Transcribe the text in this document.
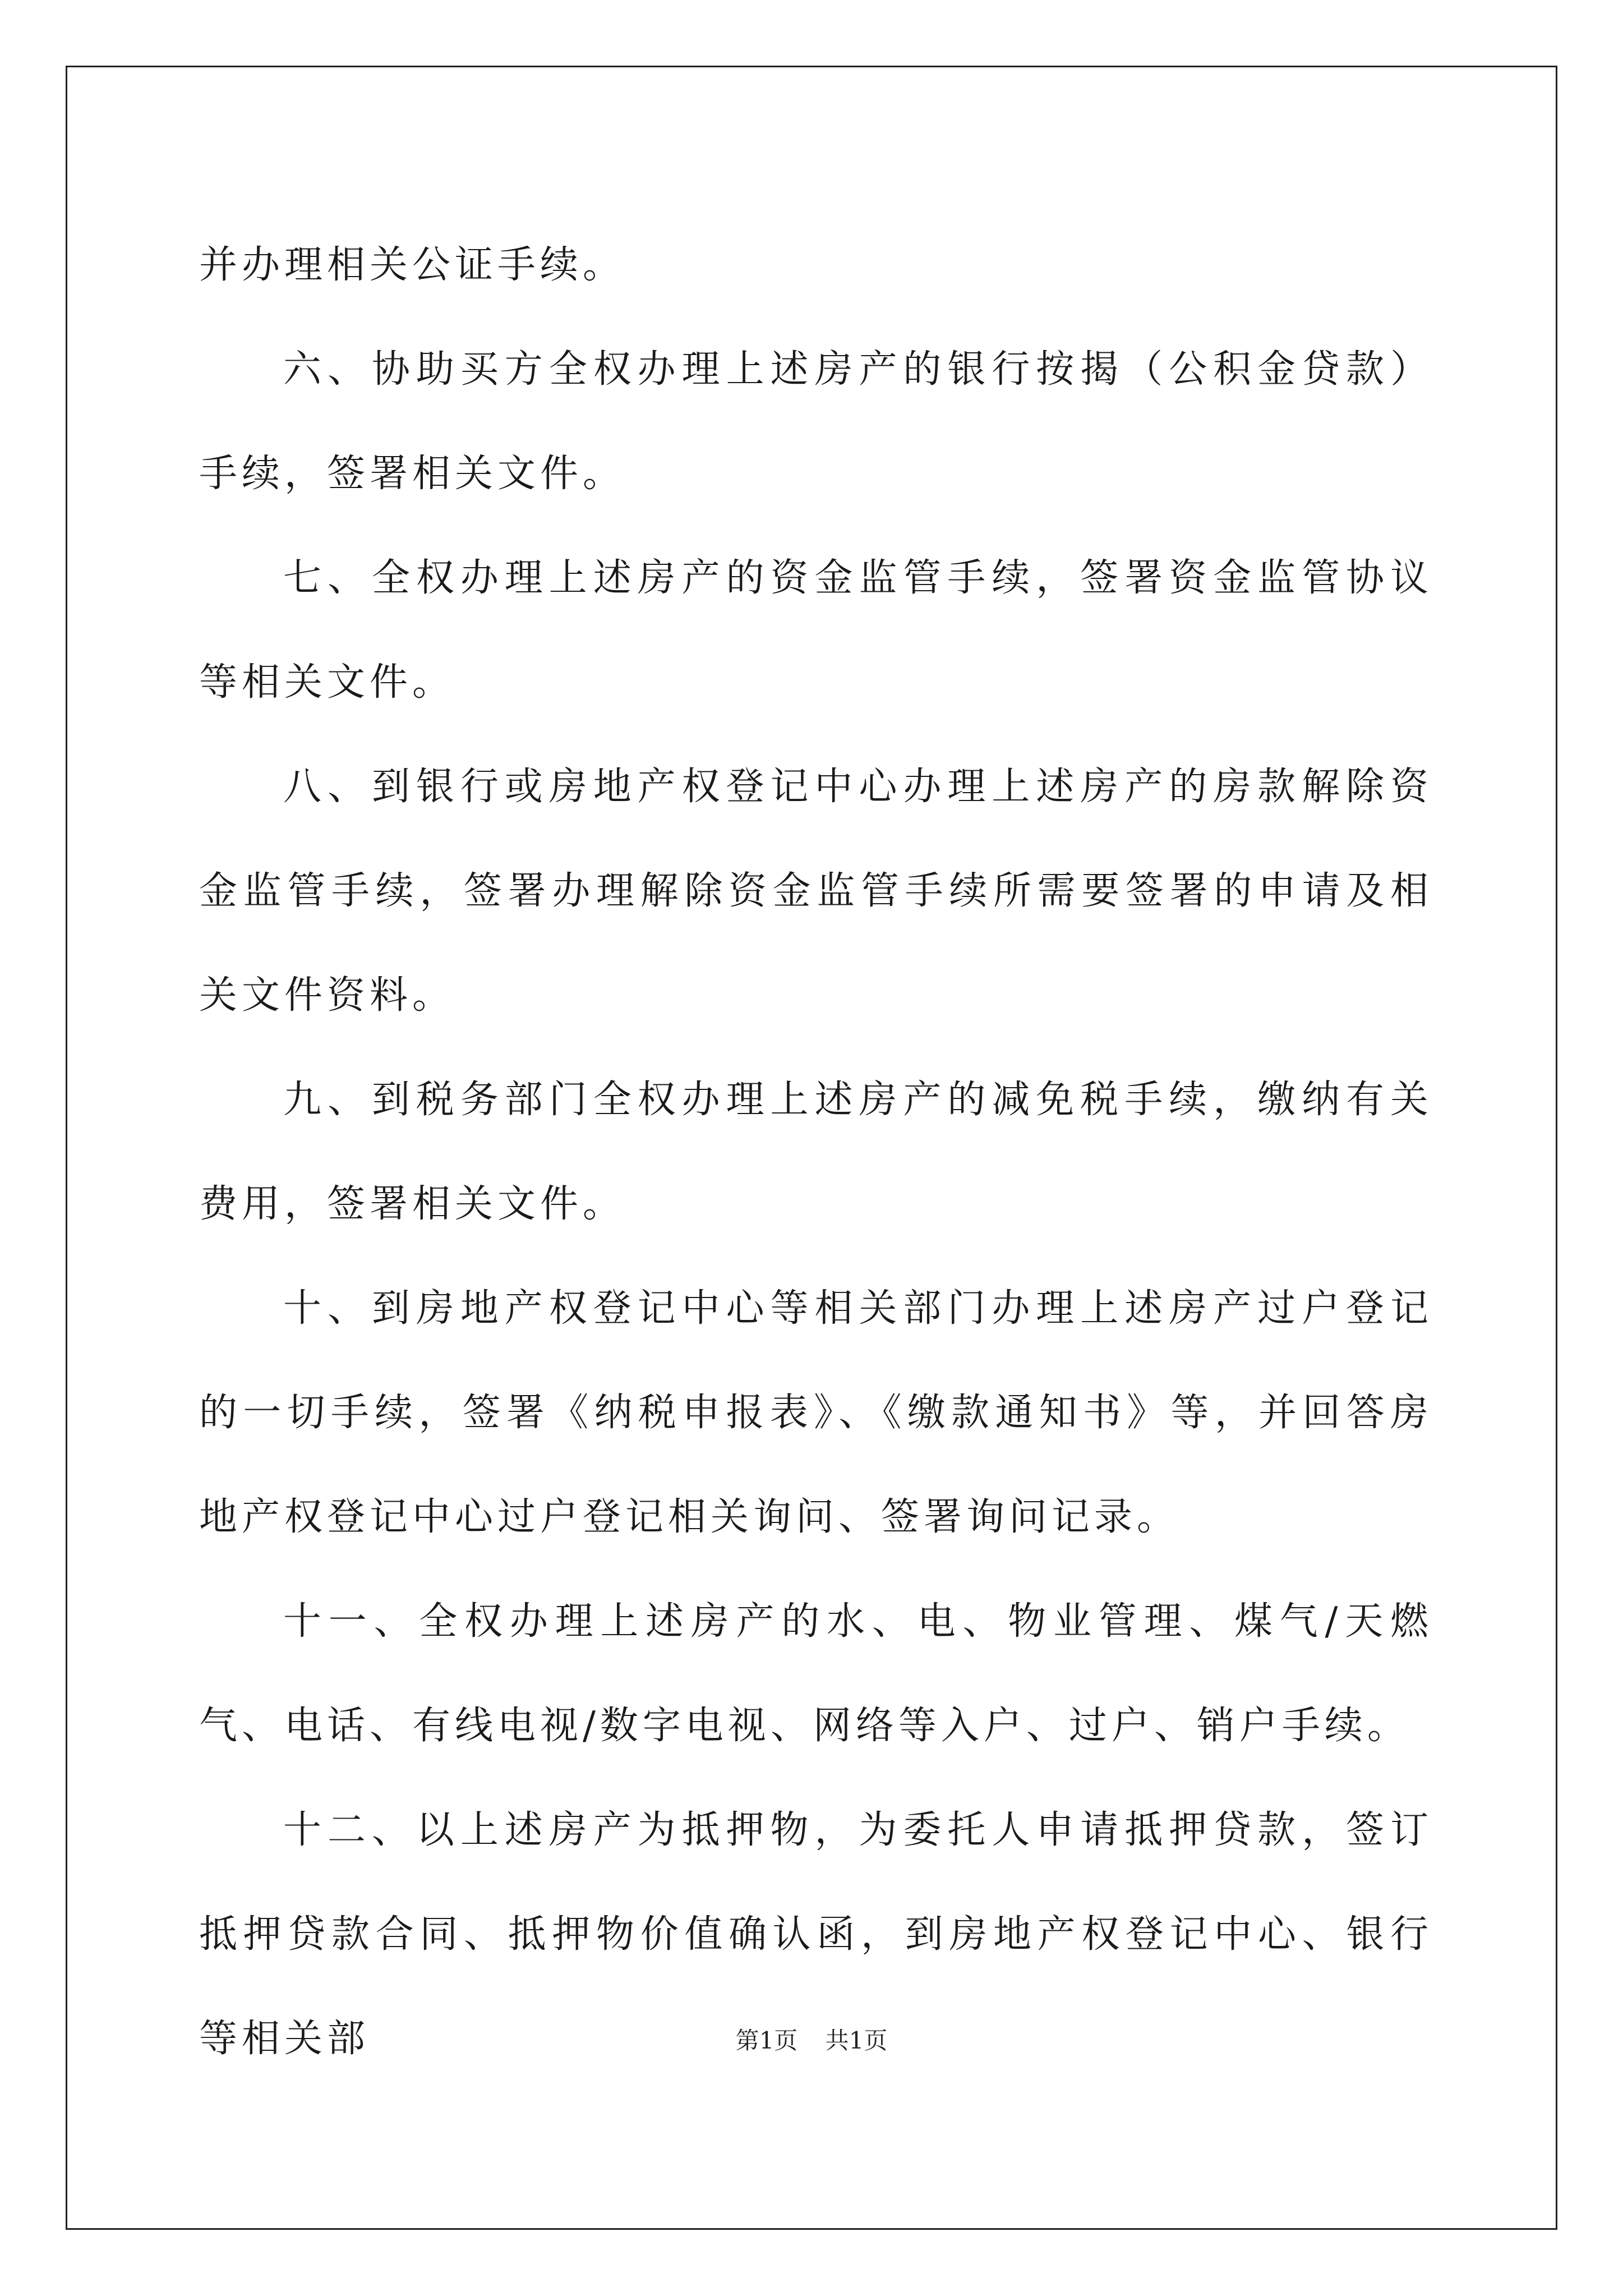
并办理相关公证手续。

六、协助买方全权办理上述房产的银行按揭（公积金贷款）手续，签署相关文件。

七、全权办理上述房产的资金监管手续，签署资金监管协议等相关文件。

八、到银行或房地产权登记中心办理上述房产的房款解除资金监管手续，签署办理解除资金监管手续所需要签署的申请及相关文件资料。

九、到税务部门全权办理上述房产的减免税手续，缴纳有关费用，签署相关文件。

十、到房地产权登记中心等相关部门办理上述房产过户登记的一切手续，签署《纳税申报表》、《缴款通知书》等，并回答房地产权登记中心过户登记相关询问、签署询问记录。

十一、全权办理上述房产的水、电、物业管理、煤气/天燃气、电话、有线电视/数字电视、网络等入户、过户、销户手续。

十二、以上述房产为抵押物，为委托人申请抵押贷款，签订抵押贷款合同、抵押物价值确认函，到房地产权登记中心、银行等相关部	第1页 共1页
